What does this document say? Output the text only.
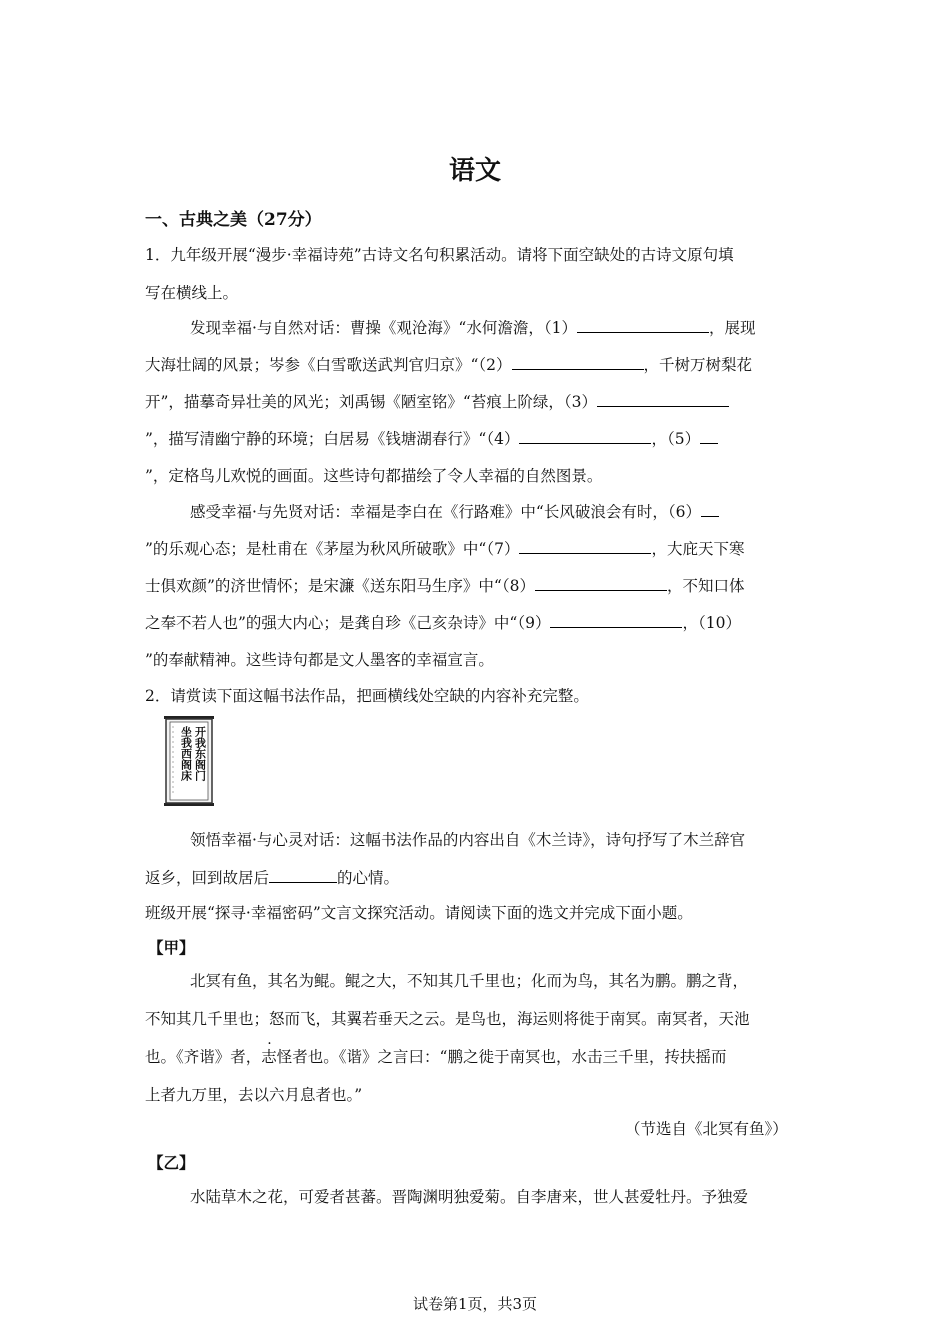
语文
一、古典之美（27分）
1．九年级开展“漫步·幸福诗苑”古诗文名句积累活动。请将下面空缺处的古诗文原句填
写在横线上。
发现幸福·与自然对话：曹操《观沧海》“水何澹澹，（1）	，展现
大海壮阔的风景；岑参《白雪歌送武判官归京》“（2）	，千树万树梨花
开”，描摹奇异壮美的风光；刘禹锡《陋室铭》“苔痕上阶绿，（3）
”，描写清幽宁静的环境；白居易《钱塘湖春行》“（4）	，（5）
”，定格鸟儿欢悦的画面。这些诗句都描绘了令人幸福的自然图景。
感受幸福·与先贤对话：幸福是李白在《行路难》中“长风破浪会有时，（6）
”的乐观心态；是杜甫在《茅屋为秋风所破歌》中“（7）	，大庇天下寒
士俱欢颜”的济世情怀；是宋濂《送东阳马生序》中“（8）	，不知口体
之奉不若人也”的强大内心；是龚自珍《己亥杂诗》中“（9）	，（10）
”的奉献精神。这些诗句都是文人墨客的幸福宣言。
2．请赏读下面这幅书法作品，把画横线处空缺的内容补充完整。
开我东阁门
坐我西阁床
领悟幸福·与心灵对话：这幅书法作品的内容出自《木兰诗》，诗句抒写了木兰辞官
返乡，回到故居后	的心情。
班级开展“探寻·幸福密码”文言文探究活动。请阅读下面的选文并完成下面小题。
【甲】
北冥有鱼，其名为鲲。鲲之大，不知其几千里也；化而为鸟，其名为鹏。鹏之背，
不知其几千里也；怒而飞，其翼若垂天之云。是鸟也，海运则将徙于南冥。南冥者，天池
也。《齐谐》者，志怪者也。《谐》之言曰：“鹏之徙于南冥也，水击三千里，抟扶摇而
上者九万里，去以六月息者也。”
（节选自《北冥有鱼》）
【乙】
水陆草木之花，可爱者甚蕃。晋陶渊明独爱菊。自李唐来，世人甚爱牡丹。予独爱
试卷第1页，共3页
